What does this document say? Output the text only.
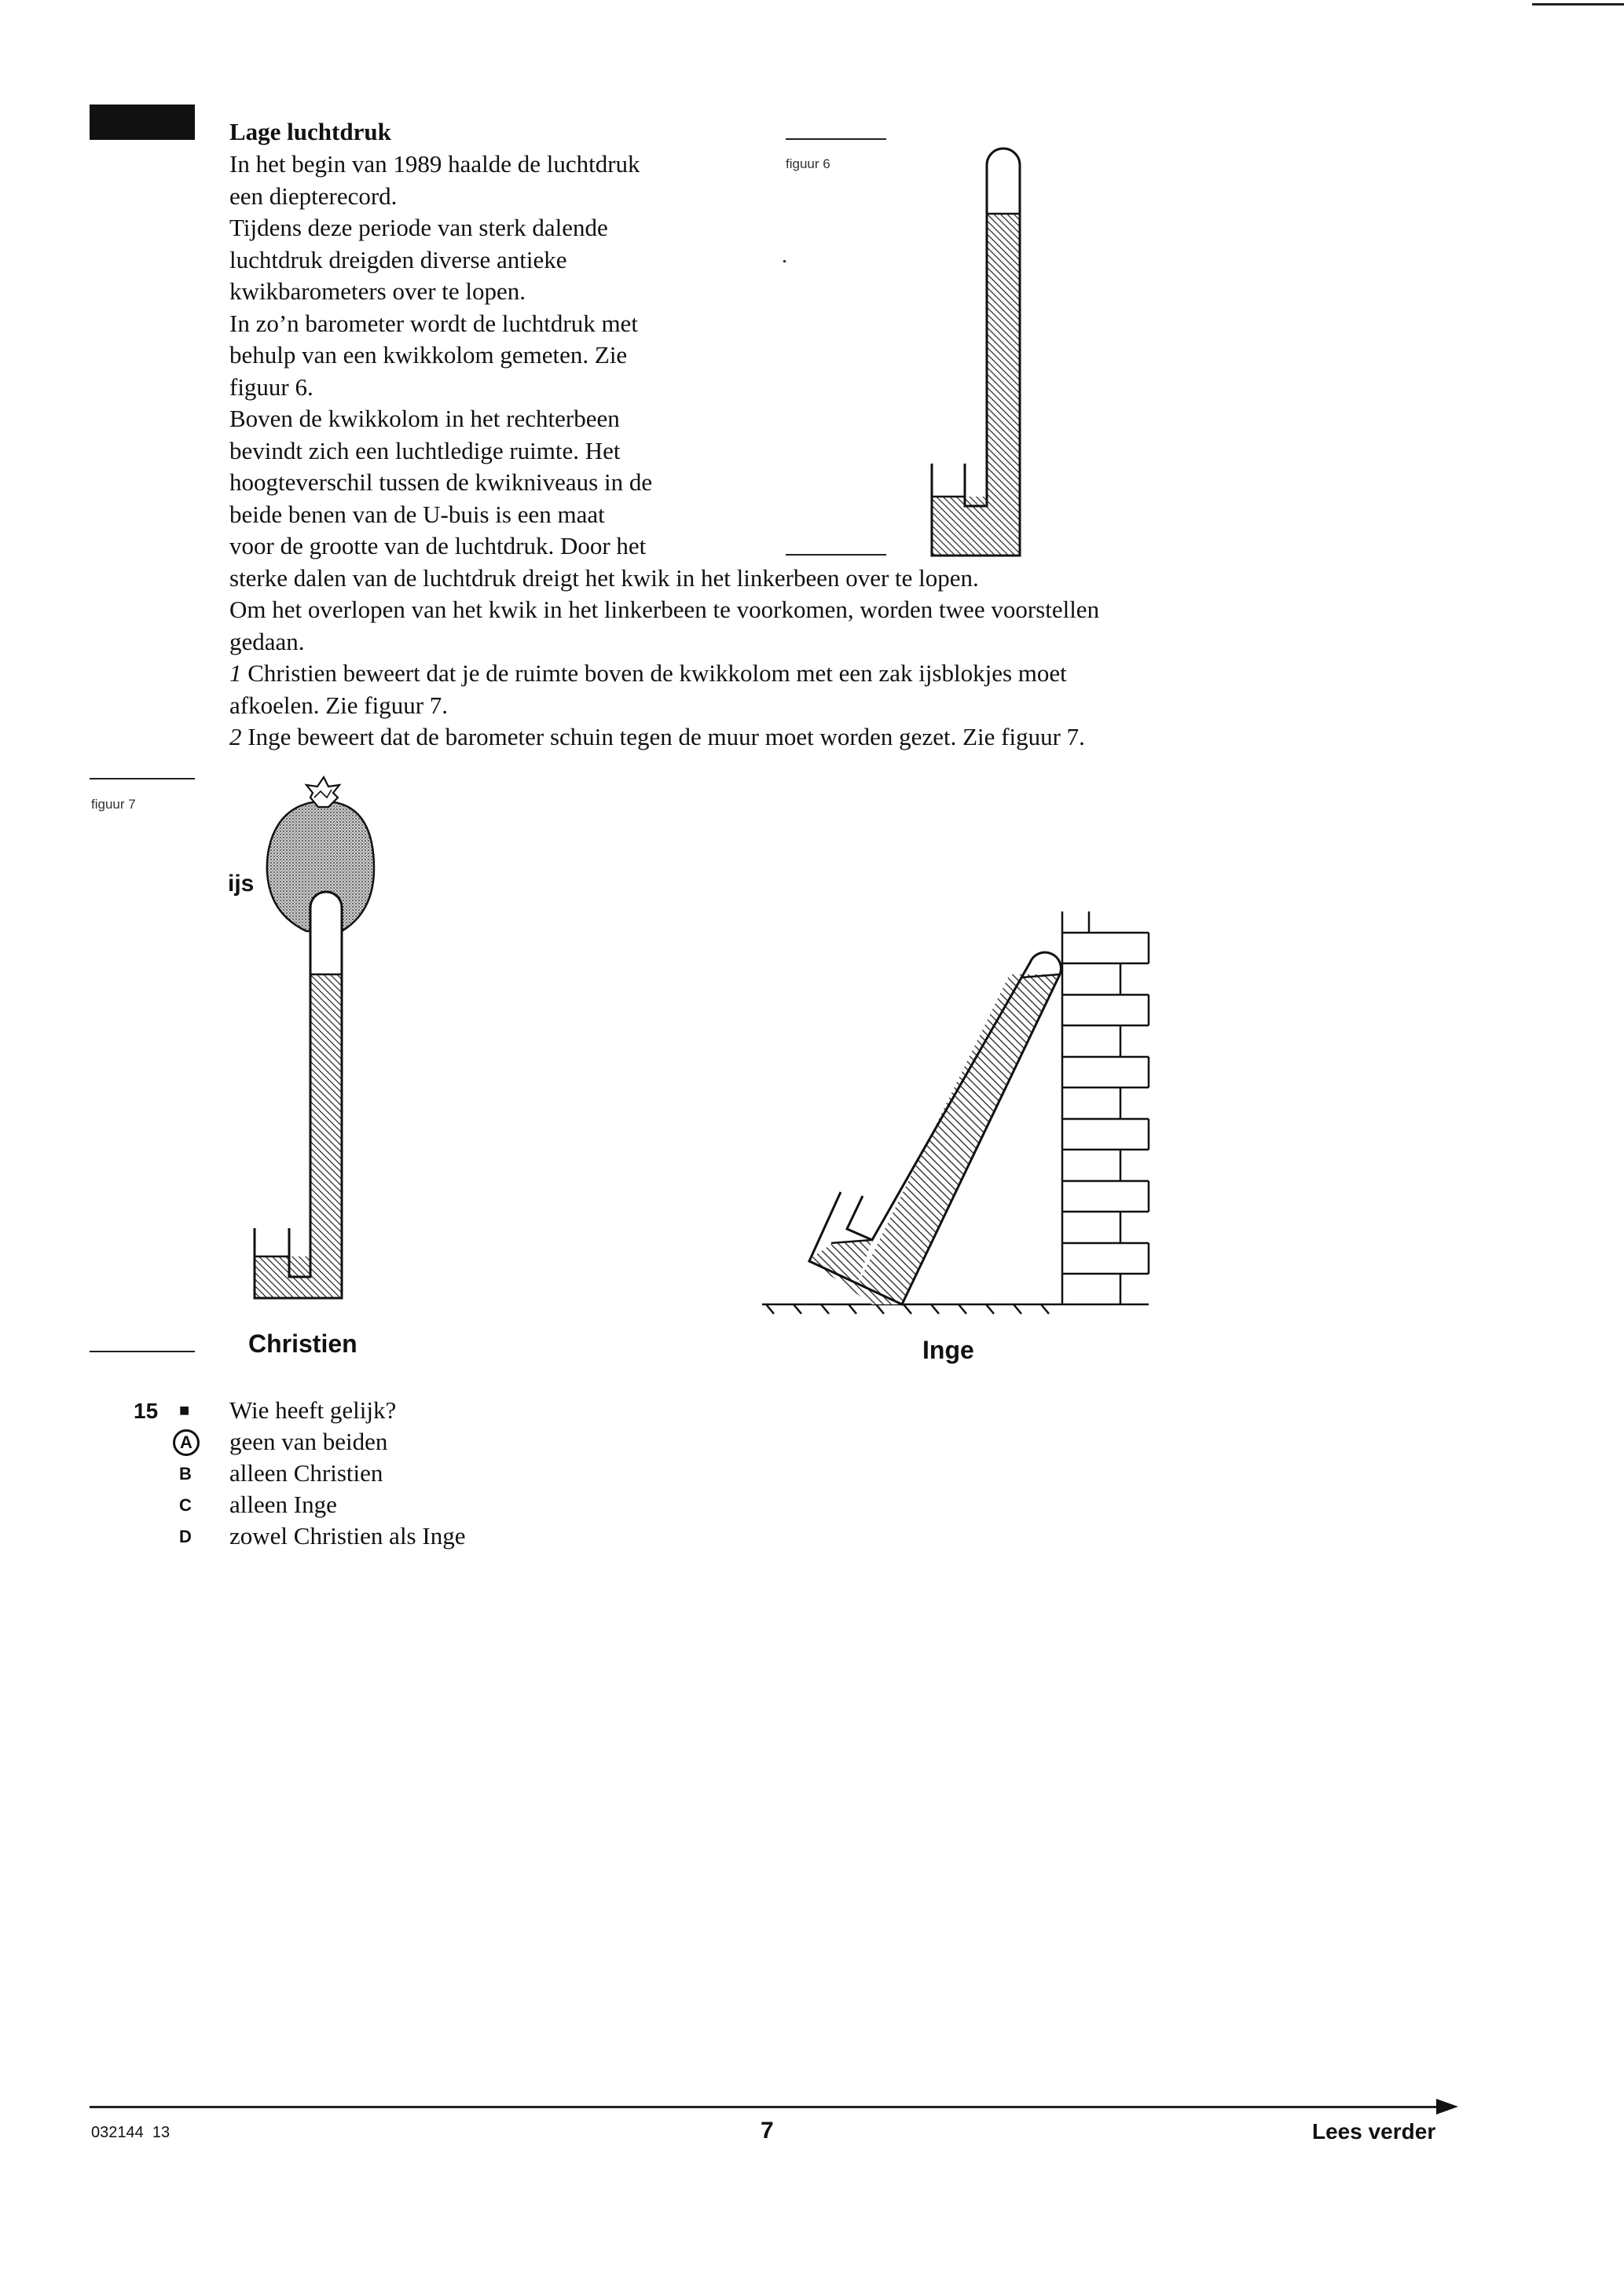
Lage luchtdruk
In het begin van 1989 haalde de luchtdruk
een diepterecord.
Tijdens deze periode van sterk dalende
luchtdruk dreigden diverse antieke
kwikbarometers over te lopen.
In zo’n barometer wordt de luchtdruk met
behulp van een kwikkolom gemeten. Zie
figuur 6.
Boven de kwikkolom in het rechterbeen
bevindt zich een luchtledige ruimte. Het
hoogteverschil tussen de kwikniveaus in de
beide benen van de U-buis is een maat
voor de grootte van de luchtdruk. Door het
sterke dalen van de luchtdruk dreigt het kwik in het linkerbeen over te lopen.
Om het overlopen van het kwik in het linkerbeen te voorkomen, worden twee voorstellen
gedaan.
1 Christien beweert dat je de ruimte boven de kwikkolom met een zak ijsblokjes moet
afkoelen. Zie figuur 7.
2 Inge beweert dat de barometer schuin tegen de muur moet worden gezet. Zie figuur 7.
figuur 6
figuur 7
ijs
Christien	Inge
15 ■ Wie heeft gelijk?
A geen van beiden
B alleen Christien
C alleen Inge
D zowel Christien als Inge
032144  13	7	Lees verder
